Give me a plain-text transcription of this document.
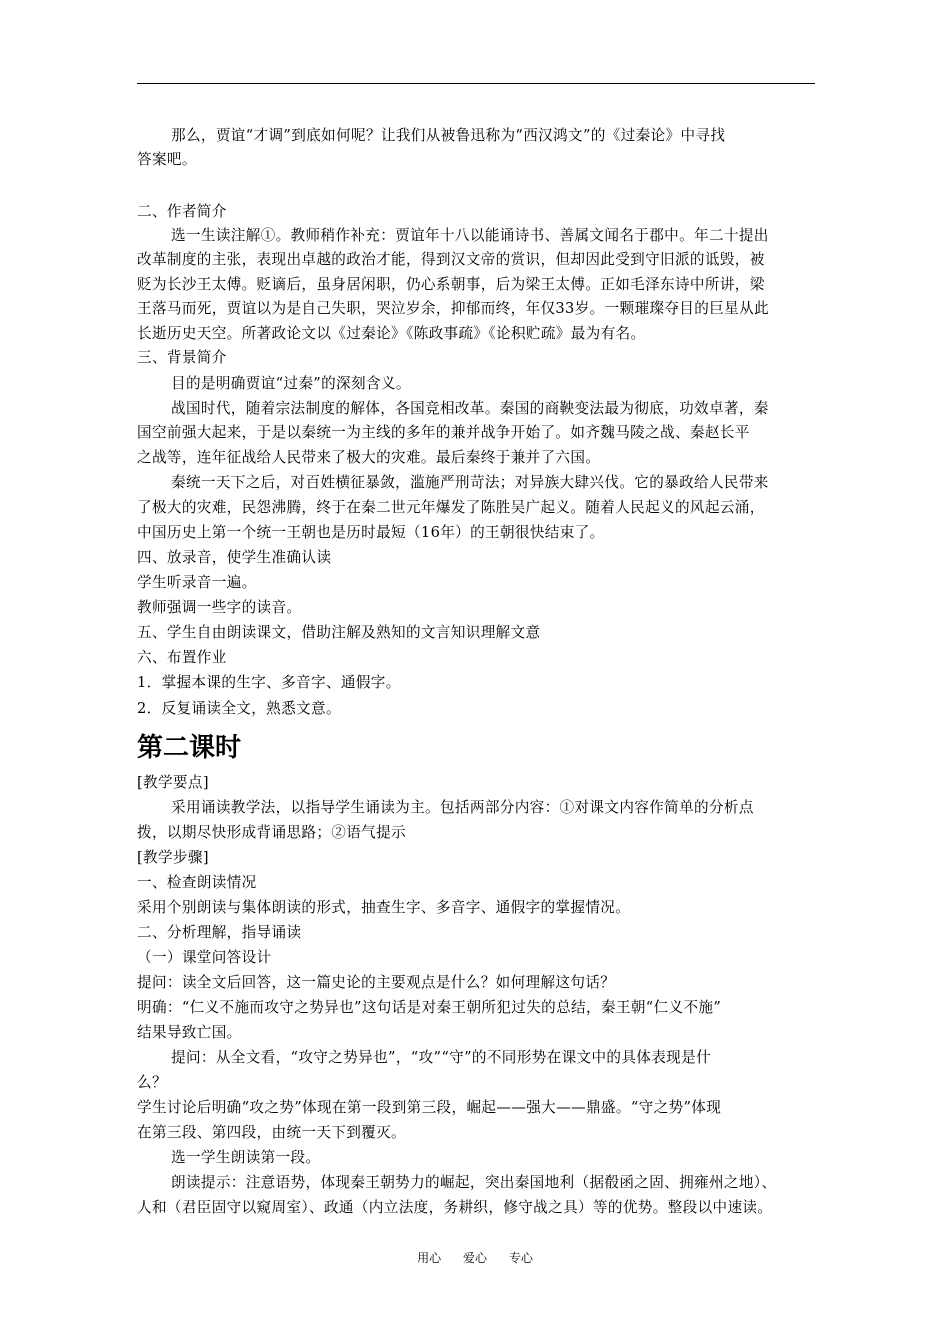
那么，贾谊“才调”到底如何呢？让我们从被鲁迅称为“西汉鸿文”的《过秦论》中寻找
答案吧。
二、作者简介
选一生读注解①。教师稍作补充：贾谊年十八以能诵诗书、善属文闻名于郡中。年二十提出
改革制度的主张，表现出卓越的政治才能，得到汉文帝的赏识，但却因此受到守旧派的诋毁，被
贬为长沙王太傅。贬谪后，虽身居闲职，仍心系朝事，后为梁王太傅。正如毛泽东诗中所讲，梁
王落马而死，贾谊以为是自己失职，哭泣岁余，抑郁而终，年仅33岁。一颗璀璨夺目的巨星从此
长逝历史天空。所著政论文以《过秦论》《陈政事疏》《论积贮疏》最为有名。
三、背景简介
目的是明确贾谊“过秦”的深刻含义。
战国时代，随着宗法制度的解体，各国竞相改革。秦国的商鞅变法最为彻底，功效卓著，秦
国空前强大起来，于是以秦统一为主线的多年的兼并战争开始了。如齐魏马陵之战、秦赵长平
之战等，连年征战给人民带来了极大的灾难。最后秦终于兼并了六国。
秦统一天下之后，对百姓横征暴敛，滥施严刑苛法；对异族大肆兴伐。它的暴政给人民带来
了极大的灾难，民怨沸腾，终于在秦二世元年爆发了陈胜吴广起义。随着人民起义的风起云涌，
中国历史上第一个统一王朝也是历时最短（16年）的王朝很快结束了。
四、放录音，使学生准确认读
学生听录音一遍。
教师强调一些字的读音。
五、学生自由朗读课文，借助注解及熟知的文言知识理解文意
六、布置作业
1．掌握本课的生字、多音字、通假字。
2．反复诵读全文，熟悉文意。
第二课时
[教学要点]
采用诵读教学法，以指导学生诵读为主。包括两部分内容：①对课文内容作简单的分析点
拨，以期尽快形成背诵思路；②语气提示
[教学步骤]
一、检查朗读情况
采用个别朗读与集体朗读的形式，抽查生字、多音字、通假字的掌握情况。
二、分析理解，指导诵读
（一）课堂问答设计
提问：读全文后回答，这一篇史论的主要观点是什么？如何理解这句话？
明确：“仁义不施而攻守之势异也”这句话是对秦王朝所犯过失的总结，秦王朝“仁义不施”
结果导致亡国。
提问：从全文看，“攻守之势异也”，“攻”“守”的不同形势在课文中的具体表现是什
么？
学生讨论后明确“攻之势”体现在第一段到第三段，崛起——强大——鼎盛。“守之势”体现
在第三段、第四段，由统一天下到覆灭。
选一学生朗读第一段。
朗读提示：注意语势，体现秦王朝势力的崛起，突出秦国地利（据殽函之固、拥雍州之地）、
人和（君臣固守以窥周室）、政通（内立法度，务耕织，修守战之具）等的优势。整段以中速读。
用心 爱心 专心
